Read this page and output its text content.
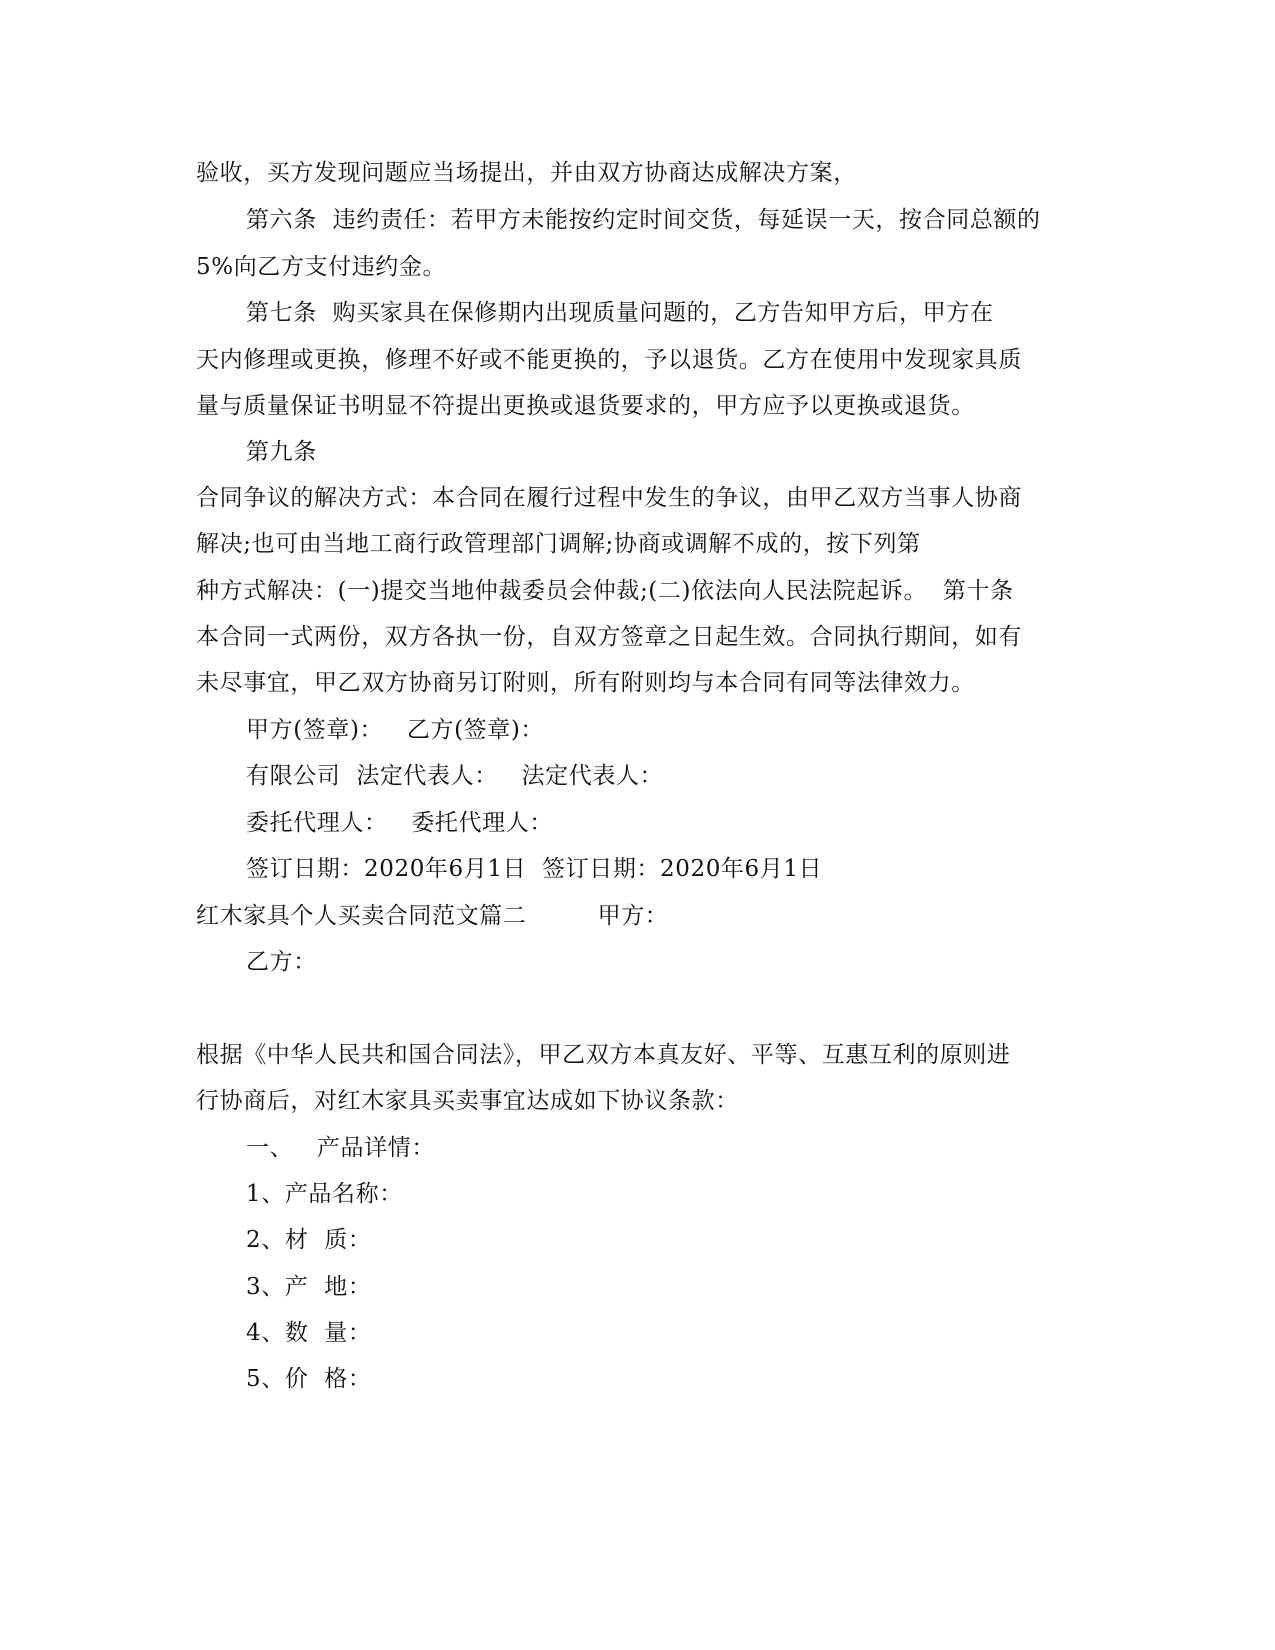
验收，买方发现问题应当场提出，并由双方协商达成解决方案，
第六条  违约责任：若甲方未能按约定时间交货，每延误一天，按合同总额的
5%向乙方支付违约金。
第七条  购买家具在保修期内出现质量问题的，乙方告知甲方后，甲方在
天内修理或更换，修理不好或不能更换的，予以退货。乙方在使用中发现家具质
量与质量保证书明显不符提出更换或退货要求的，甲方应予以更换或退货。
第九条
合同争议的解决方式：本合同在履行过程中发生的争议，由甲乙双方当事人协商
解决;也可由当地工商行政管理部门调解;协商或调解不成的，按下列第
种方式解决：(一)提交当地仲裁委员会仲裁;(二)依法向人民法院起诉。  第十条
本合同一式两份，双方各执一份，自双方签章之日起生效。合同执行期间，如有
未尽事宜，甲乙双方协商另订附则，所有附则均与本合同有同等法律效力。
甲方(签章)：   乙方(签章)：
有限公司  法定代表人：   法定代表人：
委托代理人：   委托代理人：
签订日期：2020年6月1日  签订日期：2020年6月1日
红木家具个人买卖合同范文篇二         甲方：
乙方：
根据《中华人民共和国合同法》，甲乙双方本真友好、平等、互惠互利的原则进
行协商后，对红木家具买卖事宜达成如下协议条款：
一、   产品详情：
1、产品名称：
2、材  质：
3、产  地：
4、数  量：
5、价  格：
